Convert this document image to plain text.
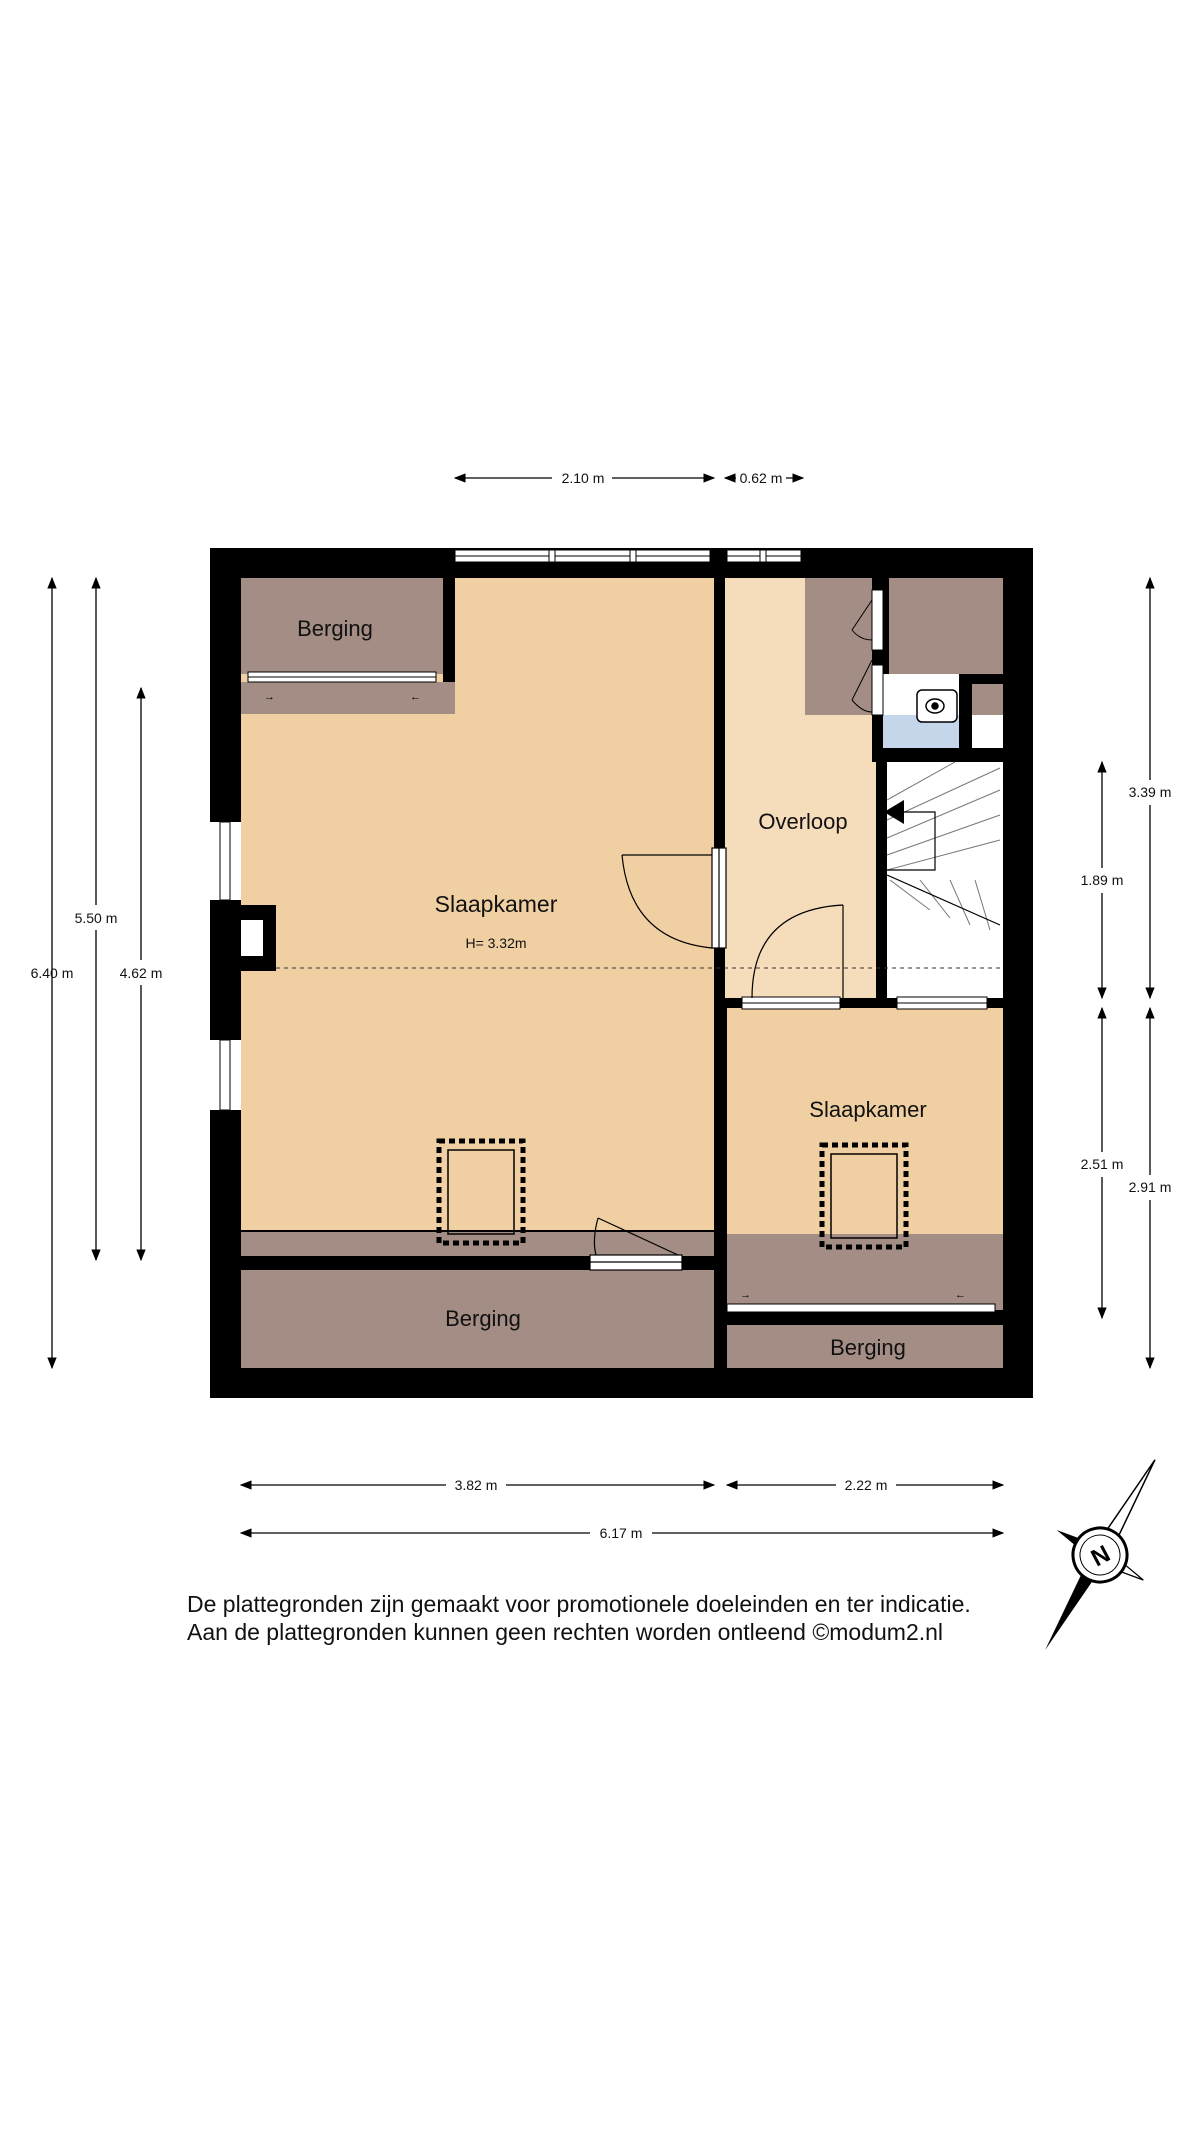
→	←
→	←
Berging
Slaapkamer
H= 3.32m
Overloop
Slaapkamer
Berging
Berging
2.10 m	0.62 m
6.40 m
5.50 m
4.62 m
3.39 m
1.89 m
2.51 m
2.91 m
3.82 m	2.22 m
6.17 m
N
De plattegronden zijn gemaakt voor promotionele doeleinden en ter indicatie.
Aan de plattegronden kunnen geen rechten worden ontleend ©modum2.nl
